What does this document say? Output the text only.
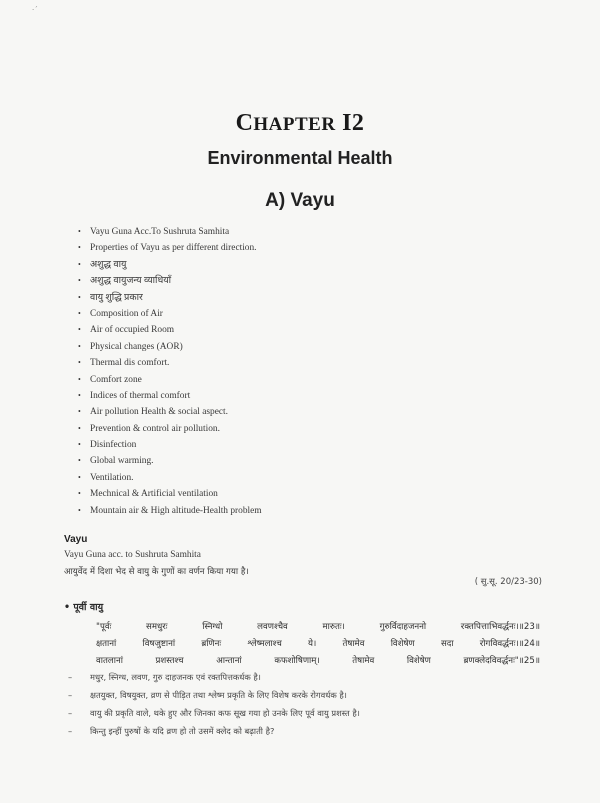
·´
CHAPTER I2
Environmental Health
A) Vayu
• Vayu Guna Acc.To Sushruta Samhita
• Properties of Vayu as per different direction.
• अशुद्ध वायु
• अशुद्ध वायुजन्य व्याधियाँ
• वायु शुद्धि प्रकार
• Composition of Air
• Air of occupied Room
• Physical changes (AOR)
• Thermal dis comfort.
• Comfort zone
• Indices of thermal comfort
• Air pollution Health & social aspect.
• Prevention & control air pollution.
• Disinfection
• Global warming.
• Ventilation.
• Mechnical & Artificial ventilation
• Mountain air & High altitude-Health problem
Vayu
Vayu Guna acc. to Sushruta Samhita
आयुर्वेद में दिशा भेद से वायु के गुणों का वर्णन किया गया है।
( सु.सू. 20/23-30)
• पूर्वी वायु
"पूर्वः समधुरः स्निग्धो लवणश्चैव मारुतः। गुरुर्विदाहजननो रक्तपित्ताभिवर्द्धनः।॥23॥
क्षतानां विषजुष्टानां ब्रणिनः श्लेष्मलाश्च ये। तेषामेव विशेषेण सदा रोगविवर्द्धनः।॥24॥
वातलानां प्रशस्तश्च आन्तानां कफशोषिणाम्। तेषामेव विशेषेण ब्रणक्लेदविवर्द्धनः"॥25॥
– मधुर, स्निग्ध, लवण, गुरु दाहजनक एवं रक्तपित्तकर्धक है।
– क्षतयुक्त, विषयुक्त, व्रण से पीड़ित तथा श्लेष्म प्रकृति के लिए विशेष करके रोगवर्धक है।
– वायु की प्रकृति वाले, थके हुए और जिनका कफ सूख गया हो उनके लिए पूर्व वायु प्रशस्त है।
– किन्तु इन्हीं पुरुषों के यदि व्रण हो तो उसमें क्लेद को बढ़ाती है?
